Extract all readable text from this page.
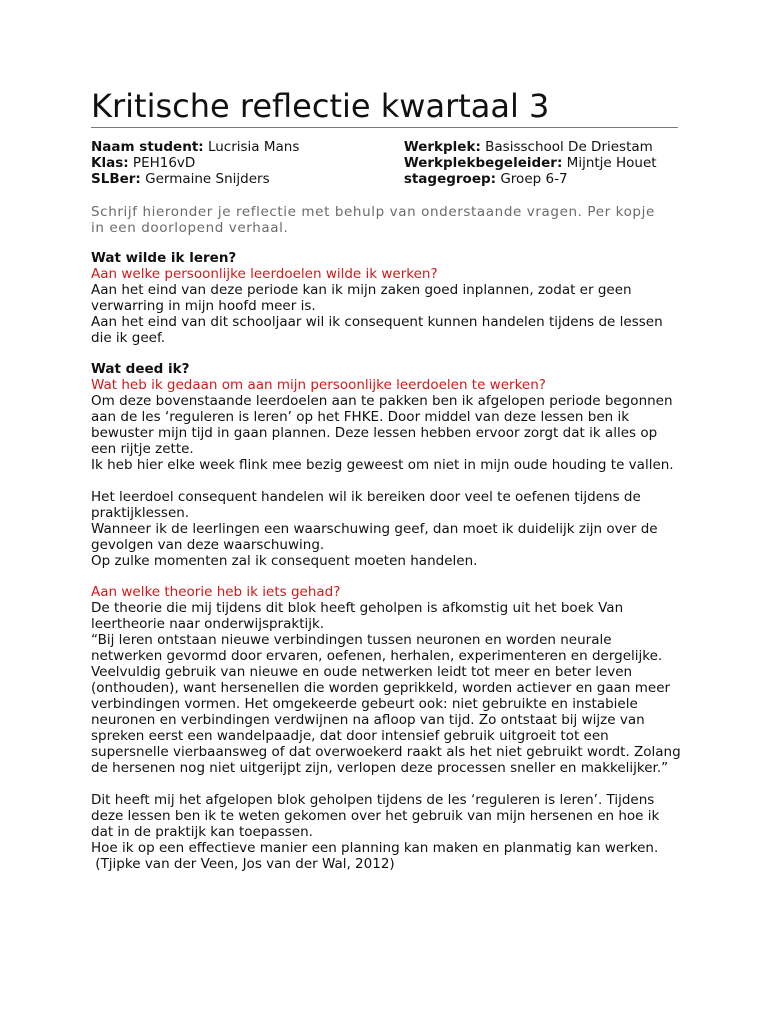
Kritische reflectie kwartaal 3
Naam student: Lucrisia Mans
Klas: PEH16vD
SLBer: Germaine Snijders
Werkplek: Basisschool De Driestam
Werkplekbegeleider: Mijntje Houet
stagegroep: Groep 6-7

Schrijf hieronder je reflectie met behulp van onderstaande vragen. Per kopje in een doorlopend verhaal.

Wat wilde ik leren?

Aan welke persoonlijke leerdoelen wilde ik werken?

Aan het eind van deze periode kan ik mijn zaken goed inplannen, zodat er geen verwarring in mijn hoofd meer is.

Aan het eind van dit schooljaar wil ik consequent kunnen handelen tijdens de lessen die ik geef.

Wat deed ik?

Wat heb ik gedaan om aan mijn persoonlijke leerdoelen te werken?

Om deze bovenstaande leerdoelen aan te pakken ben ik afgelopen periode begonnen aan de les ‘reguleren is leren’ op het FHKE. Door middel van deze lessen ben ik bewuster mijn tijd in gaan plannen. Deze lessen hebben ervoor zorgt dat ik alles op een rijtje zette.

Ik heb hier elke week flink mee bezig geweest om niet in mijn oude houding te vallen.

Het leerdoel consequent handelen wil ik bereiken door veel te oefenen tijdens de praktijklessen.

Wanneer ik de leerlingen een waarschuwing geef, dan moet ik duidelijk zijn over de gevolgen van deze waarschuwing.

Op zulke momenten zal ik consequent moeten handelen.

Aan welke theorie heb ik iets gehad?

De theorie die mij tijdens dit blok heeft geholpen is afkomstig uit het boek Van leertheorie naar onderwijspraktijk.

“Bij leren ontstaan nieuwe verbindingen tussen neuronen en worden neurale netwerken gevormd door ervaren, oefenen, herhalen, experimenteren en dergelijke. Veelvuldig gebruik van nieuwe en oude netwerken leidt tot meer en beter leven (onthouden), want hersenellen die worden geprikkeld, worden actiever en gaan meer verbindingen vormen. Het omgekeerde gebeurt ook: niet gebruikte en instabiele neuronen en verbindingen verdwijnen na afloop van tijd. Zo ontstaat bij wijze van spreken eerst een wandelpaadje, dat door intensief gebruik uitgroeit tot een supersnelle vierbaansweg of dat overwoekerd raakt als het niet gebruikt wordt. Zolang de hersenen nog niet uitgerijpt zijn, verlopen deze processen sneller en makkelijker.”

Dit heeft mij het afgelopen blok geholpen tijdens de les ‘reguleren is leren’. Tijdens deze lessen ben ik te weten gekomen over het gebruik van mijn hersenen en hoe ik dat in de praktijk kan toepassen.

Hoe ik op een effectieve manier een planning kan maken en planmatig kan werken.

(Tjipke van der Veen, Jos van der Wal, 2012)
